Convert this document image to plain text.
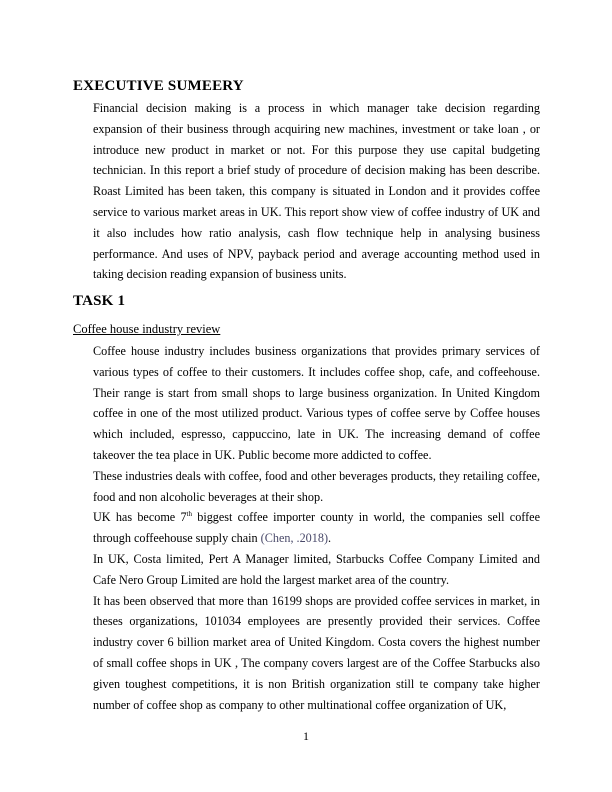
EXECUTIVE SUMEERY

Financial decision making is a process in which manager take decision regarding expansion of their business through acquiring new machines, investment or take loan , or introduce new product in market or not. For this purpose they use capital budgeting technician. In this report a brief study of procedure of decision making has been describe. Roast Limited has been taken, this company is situated in London and it provides coffee service to various market areas in UK. This report show view of coffee industry of UK and it also includes how ratio analysis, cash flow technique help in analysing business performance. And uses of NPV, payback period and average accounting method used in taking decision reading expansion of business units.

TASK 1
Coffee house industry review

Coffee house industry includes business organizations that provides primary services of various types of coffee to their customers. It includes coffee shop, cafe, and coffeehouse. Their range is start from small shops to large business organization. In United Kingdom coffee in one of the most utilized product. Various types of coffee serve by Coffee houses which included, espresso, cappuccino, late in UK. The increasing demand of coffee takeover the tea place in UK. Public become more addicted to coffee.

These industries deals with coffee, food and other beverages products, they retailing coffee, food and non alcoholic beverages at their shop.

UK has become 7th biggest coffee importer county in world, the companies sell coffee through coffeehouse supply chain (Chen, .2018).

In UK, Costa limited, Pert A Manager limited, Starbucks Coffee Company Limited and Cafe Nero Group Limited are hold the largest market area of the country.

It has been observed that more than 16199 shops are provided coffee services in market, in theses organizations, 101034 employees are presently provided their services. Coffee industry cover 6 billion market area of United Kingdom. Costa covers the highest number of small coffee shops in UK , The company covers largest are of the Coffee Starbucks also given toughest competitions, it is non British organization still te company take higher number of coffee shop as company to other multinational coffee organization of UK,

1
